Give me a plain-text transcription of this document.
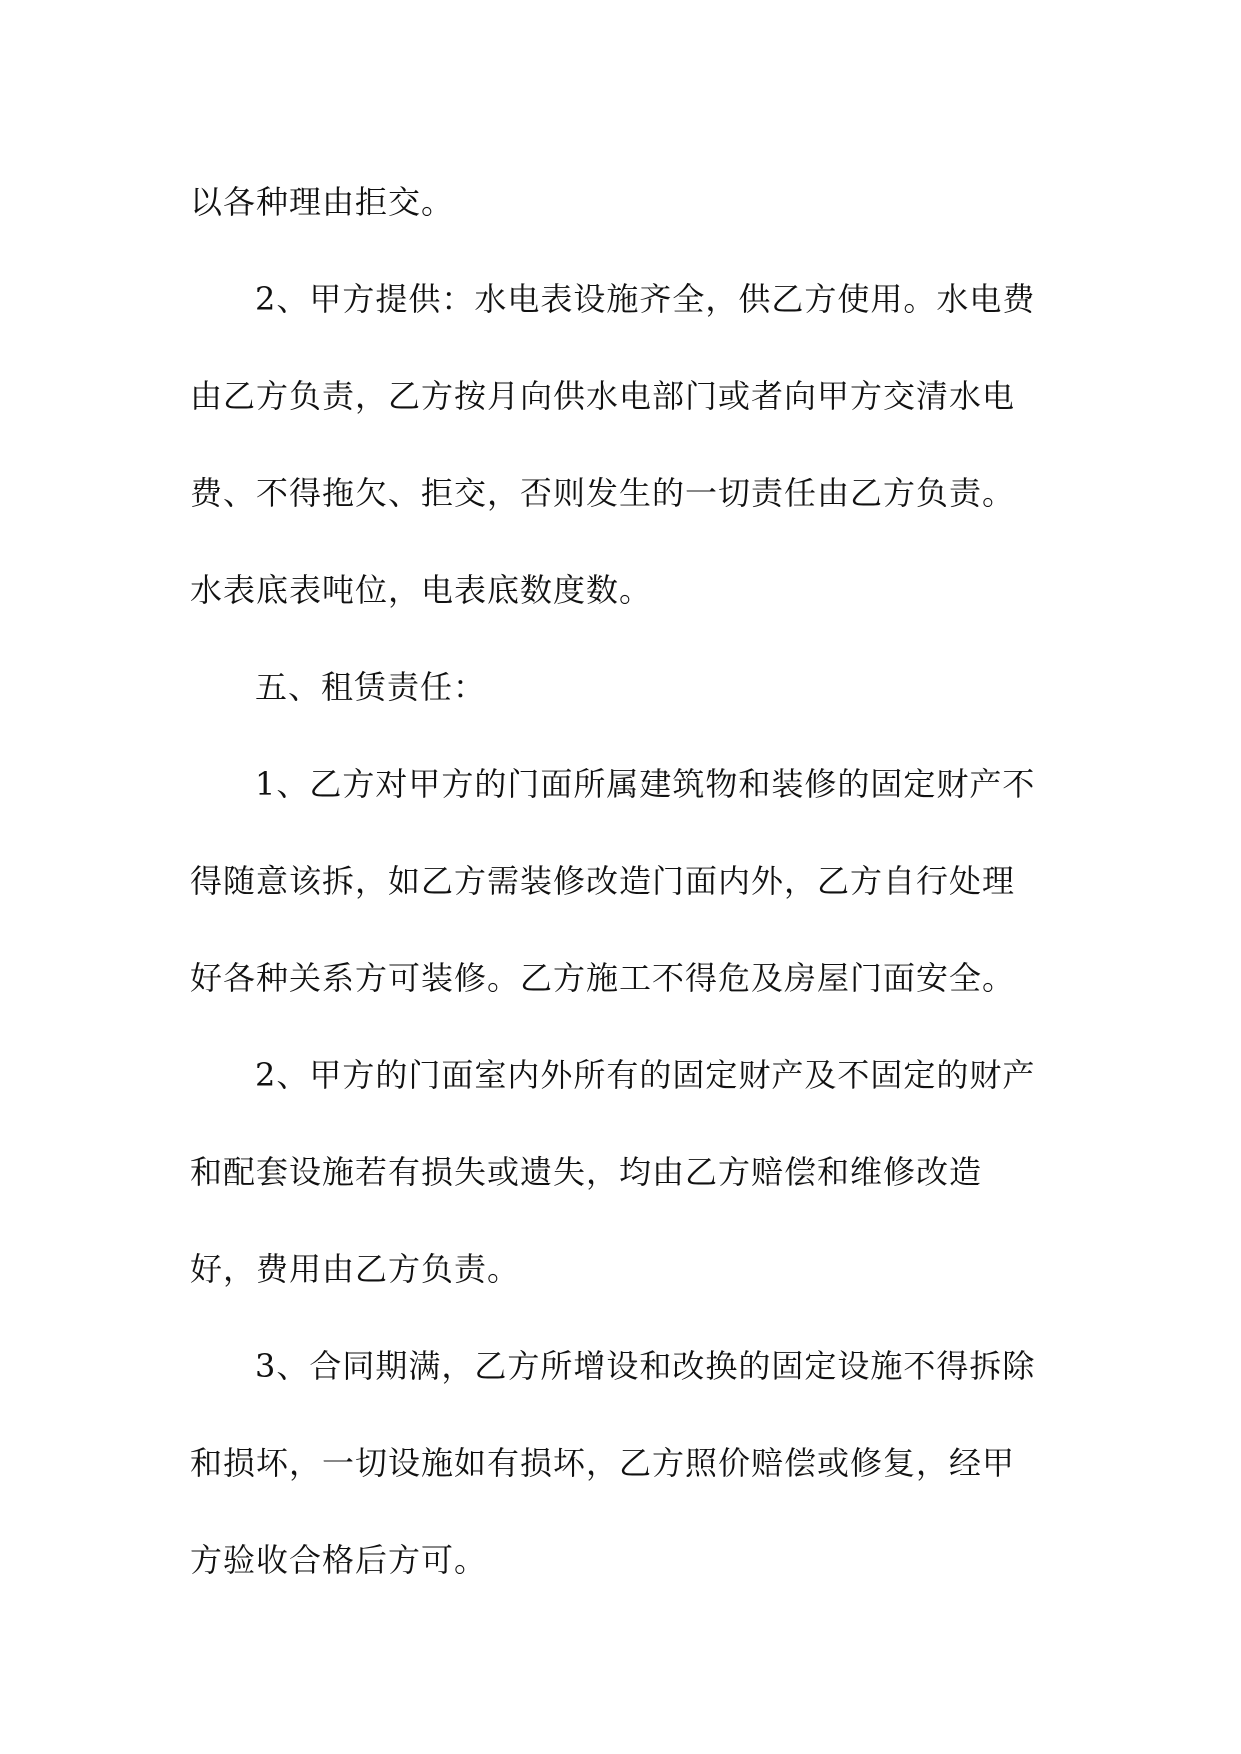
以各种理由拒交。

2、甲方提供：水电表设施齐全，供乙方使用。水电费

由乙方负责，乙方按月向供水电部门或者向甲方交清水电

费、不得拖欠、拒交，否则发生的一切责任由乙方负责。

水表底表吨位，电表底数度数。

五、租赁责任：

1、乙方对甲方的门面所属建筑物和装修的固定财产不

得随意该拆，如乙方需装修改造门面内外，乙方自行处理

好各种关系方可装修。乙方施工不得危及房屋门面安全。

2、甲方的门面室内外所有的固定财产及不固定的财产

和配套设施若有损失或遗失，均由乙方赔偿和维修改造

好，费用由乙方负责。

3、合同期满，乙方所增设和改换的固定设施不得拆除

和损坏，一切设施如有损坏，乙方照价赔偿或修复，经甲

方验收合格后方可。
